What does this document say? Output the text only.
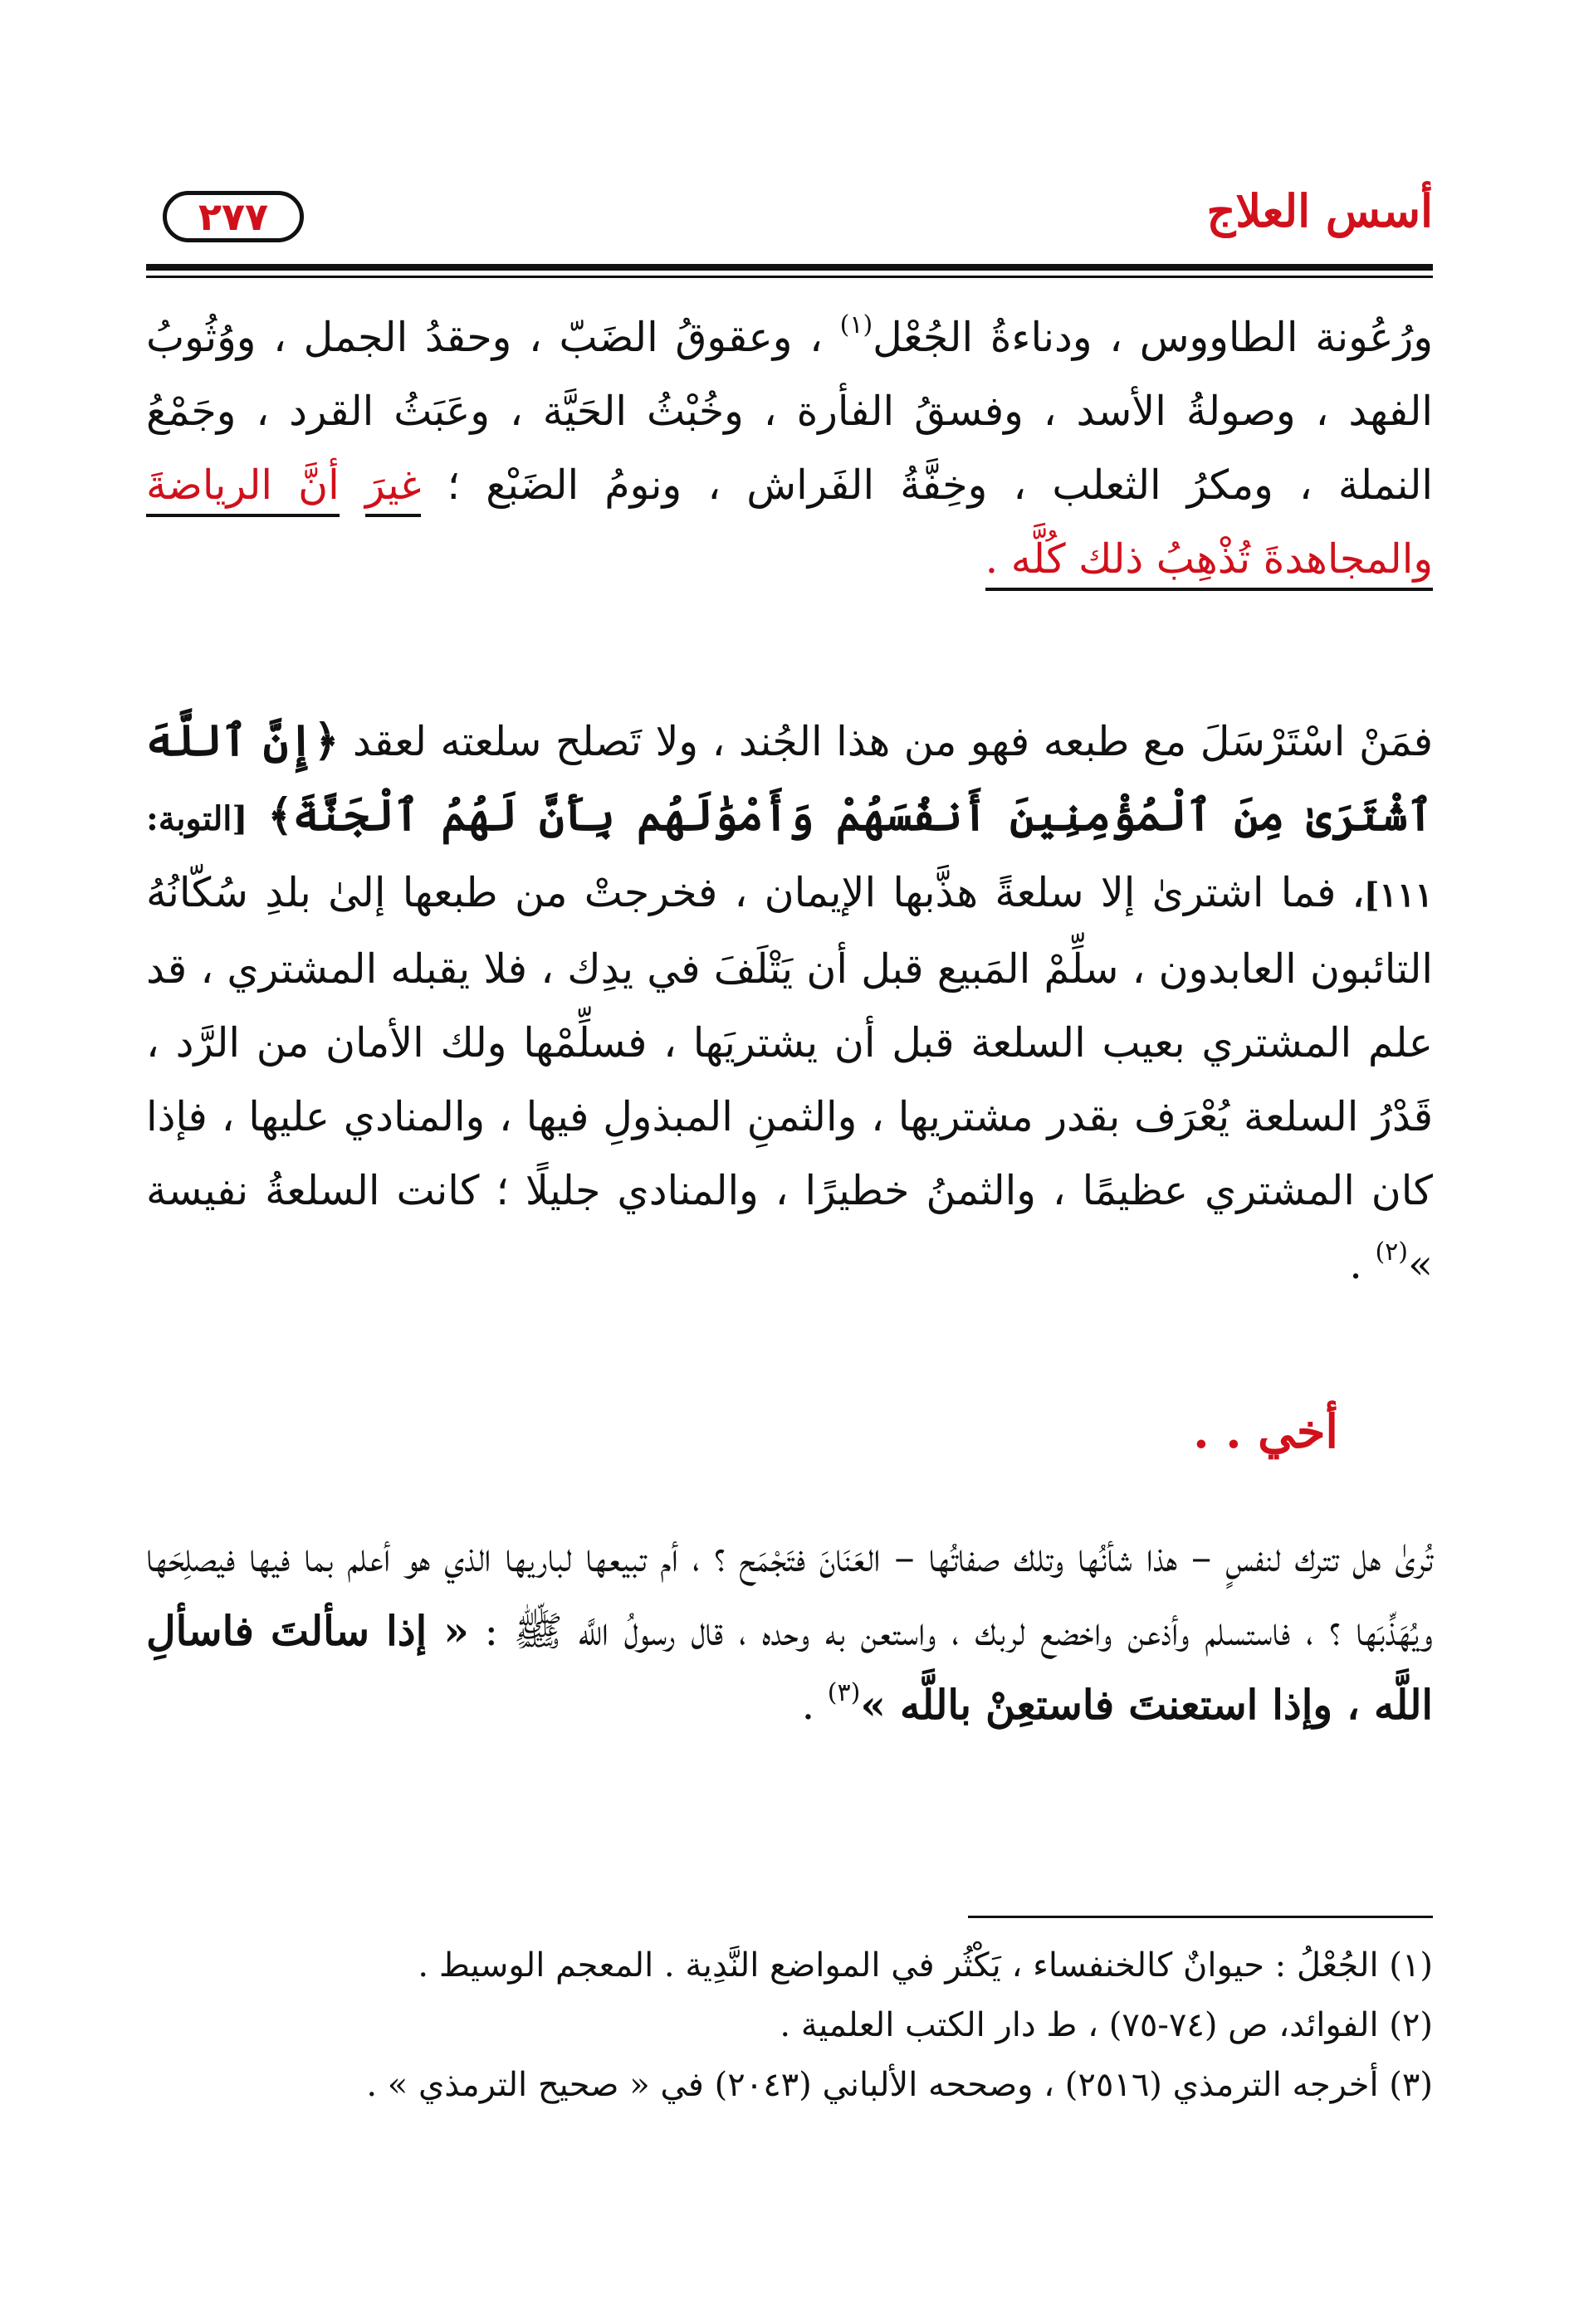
أسس العلاج
٢٧٧
ورُعُونة الطاووس ، ودناءةُ الجُعْل$^{(١)}$ ، وعقوقُ الضَبّ ، وحقدُ الجمل ، ووُثُوبُ الفهد ، وصولةُ الأسد ، وفسقُ الفأرة ، وخُبْثُ الحَيَّة ، وعَبَثُ القرد ، وجَمْعُ النملة ، ومكرُ الثعلب ، وخِفَّةُ الفَراش ، ونومُ الضَبْع ؛ غيرَ أنَّ الرياضةَ والمجاهدةَ تُذْهِبُ ذلك كُلَّه .
فمَنْ اسْتَرْسَلَ مع طبعه فهو من هذا الجُند ، ولا تَصلح سلعته لعقد ﴿إِنَّ ٱللَّهَ ٱشْتَرَىٰ مِنَ ٱلْمُؤْمِنِينَ أَنفُسَهُمْ وَأَمْوَٰلَهُم بِأَنَّ لَهُمُ ٱلْجَنَّةَ﴾ [التوبة: ١١١]، فما اشترىٰ إلا سلعةً هذَّبها الإيمان ، فخرجتْ من طبعها إلىٰ بلدِ سُكّانُهُ التائبون العابدون ، سلِّمْ المَبيع قبل أن يَتْلَفَ في يدِك ، فلا يقبله المشتري ، قد علم المشتري بعيب السلعة قبل أن يشتريَها ، فسلِّمْها ولك الأمان من الرَّد ، قَدْرُ السلعة يُعْرَف بقدر مشتريها ، والثمنِ المبذولِ فيها ، والمنادي عليها ، فإذا كان المشتري عظيمًا ، والثمنُ خطيرًا ، والمنادي جليلًا ؛ كانت السلعةُ نفيسة »$^{(٢)}$ .
أخي . .
تُرىٰ هل تترك لنفسٍ – هذا شأنُها وتلك صفاتُها – العَنَانَ فتَجْمَح ؟ ، أم تبيعها لباريها الذي هو أعلم بما فيها فيصلِحَها ويُهَذِّبَها ؟ ، فاستسلم وأذعن واخضع لربك ، واستعن به وحده ، قال رسولُ اللَّه ﷺ : « إذا سألتَ فاسألِ اللَّه ، وإذا استعنتَ فاستعِنْ باللَّه »$^{(٣)}$ .
(١) الجُعْلُ : حيوانٌ كالخنفساء ، يَكْثُر في المواضع النَّدِية . المعجم الوسيط .
(٢) الفوائد، ص (٧٤-٧٥) ، ط دار الكتب العلمية .
(٣) أخرجه الترمذي (٢٥١٦) ، وصححه الألباني (٢٠٤٣) في « صحيح الترمذي » .
